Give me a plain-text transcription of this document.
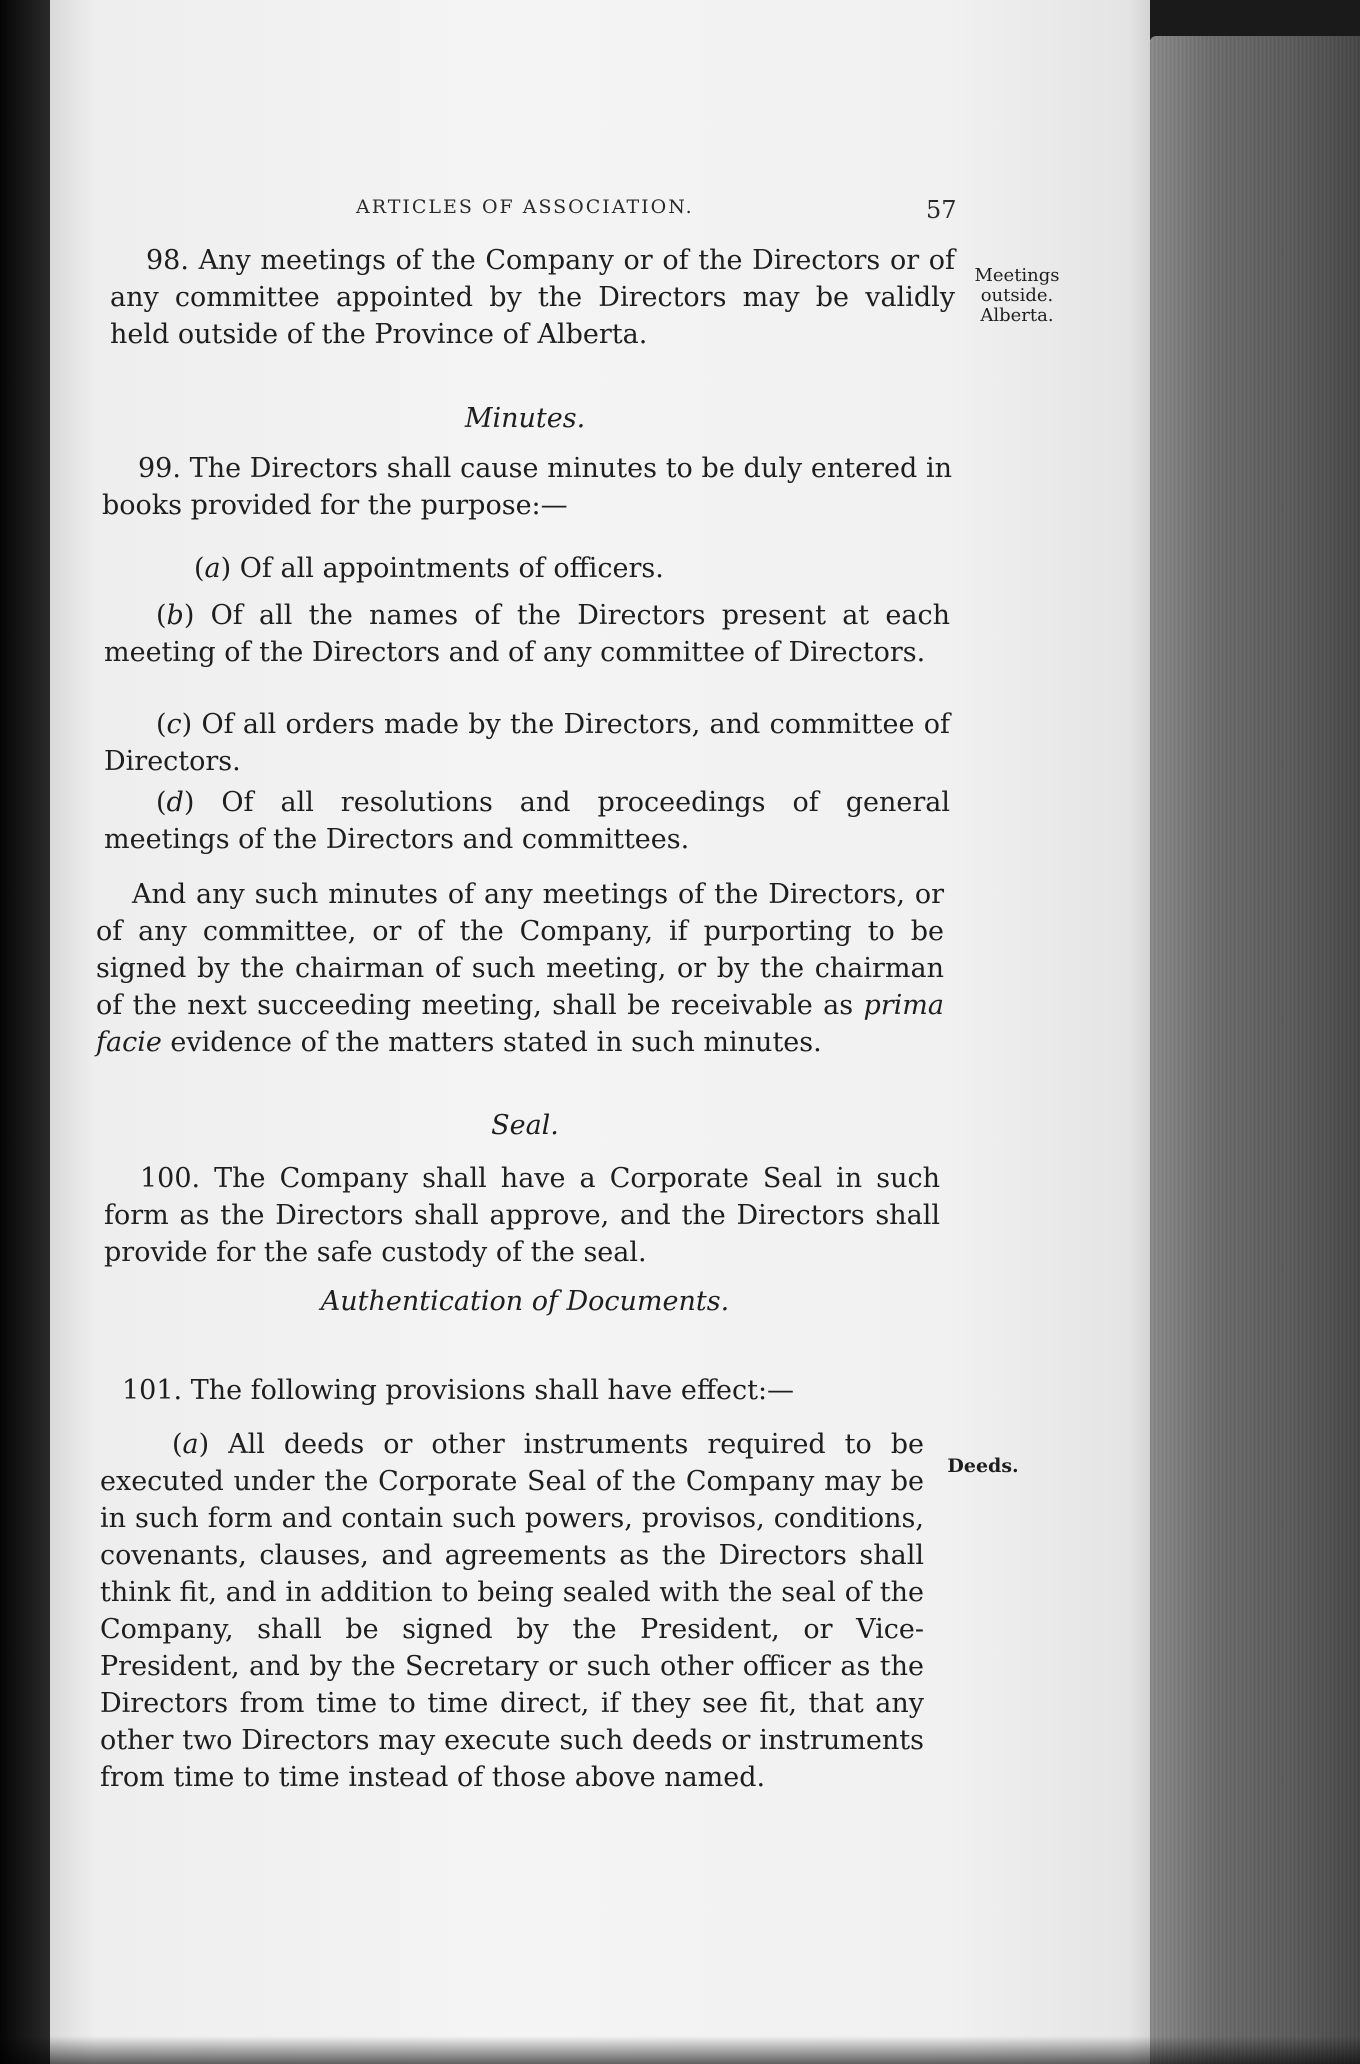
ARTICLES OF ASSOCIATION.	57
98. Any meetings of the Company or of the Directors or of any committee appointed by the Directors may be validly held outside of the Province of Alberta.
Meetings outside. Alberta.
Minutes.
99. The Directors shall cause minutes to be duly entered in books provided for the purpose:—
(a) Of all appointments of officers.
(b) Of all the names of the Directors present at each meeting of the Directors and of any committee of Directors.
(c) Of all orders made by the Directors, and committee of Directors.
(d) Of all resolutions and proceedings of general meetings of the Directors and committees.
And any such minutes of any meetings of the Directors, or of any committee, or of the Company, if purporting to be signed by the chairman of such meeting, or by the chairman of the next succeeding meeting, shall be receivable as prima facie evidence of the matters stated in such minutes.
Seal.
100. The Company shall have a Corporate Seal in such form as the Directors shall approve, and the Directors shall provide for the safe custody of the seal.
Authentication of Documents.
101. The following provisions shall have effect:—
(a) All deeds or other instruments required to be executed under the Corporate Seal of the Company may be in such form and contain such powers, provisos, conditions, covenants, clauses, and agreements as the Directors shall think fit, and in addition to being sealed with the seal of the Company, shall be signed by the President, or Vice-President, and by the Secretary or such other officer as the Directors from time to time direct, if they see fit, that any other two Directors may execute such deeds or instruments from time to time instead of those above named.
Deeds.
